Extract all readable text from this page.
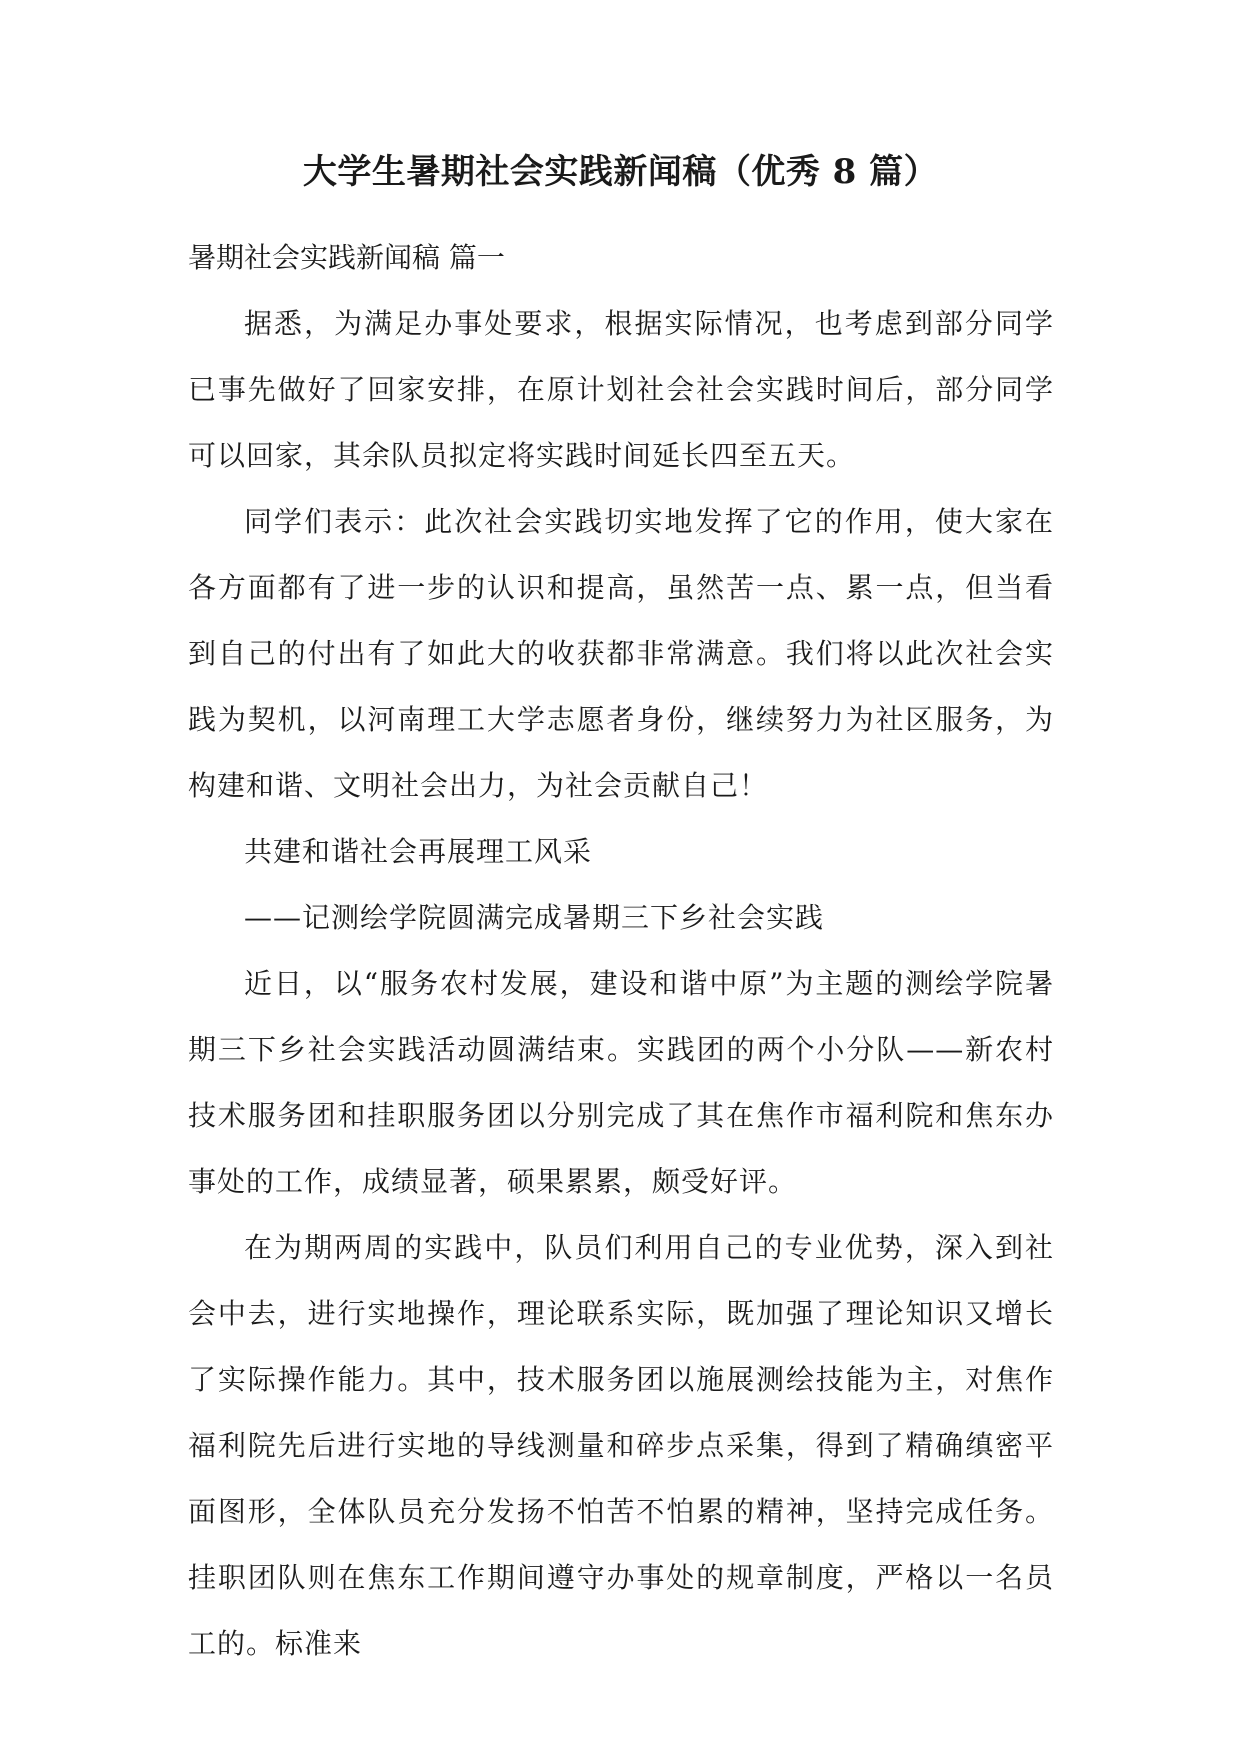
大学生暑期社会实践新闻稿（优秀 8 篇）

暑期社会实践新闻稿 篇一

据悉，为满足办事处要求，根据实际情况，也考虑到部分同学已事先做好了回家安排，在原计划社会社会实践时间后，部分同学可以回家，其余队员拟定将实践时间延长四至五天。

同学们表示：此次社会实践切实地发挥了它的作用，使大家在各方面都有了进一步的认识和提高，虽然苦一点、累一点，但当看到自己的付出有了如此大的收获都非常满意。我们将以此次社会实践为契机，以河南理工大学志愿者身份，继续努力为社区服务，为构建和谐、文明社会出力，为社会贡献自己！

共建和谐社会再展理工风采

——记测绘学院圆满完成暑期三下乡社会实践

近日，以“服务农村发展，建设和谐中原”为主题的测绘学院暑期三下乡社会实践活动圆满结束。实践团的两个小分队——新农村技术服务团和挂职服务团以分别完成了其在焦作市福利院和焦东办事处的工作，成绩显著，硕果累累，颇受好评。

在为期两周的实践中，队员们利用自己的专业优势，深入到社会中去，进行实地操作，理论联系实际，既加强了理论知识又增长了实际操作能力。其中，技术服务团以施展测绘技能为主，对焦作福利院先后进行实地的导线测量和碎步点采集，得到了精确缜密平面图形，全体队员充分发扬不怕苦不怕累的精神，坚持完成任务。挂职团队则在焦东工作期间遵守办事处的规章制度，严格以一名员工的。标准来
